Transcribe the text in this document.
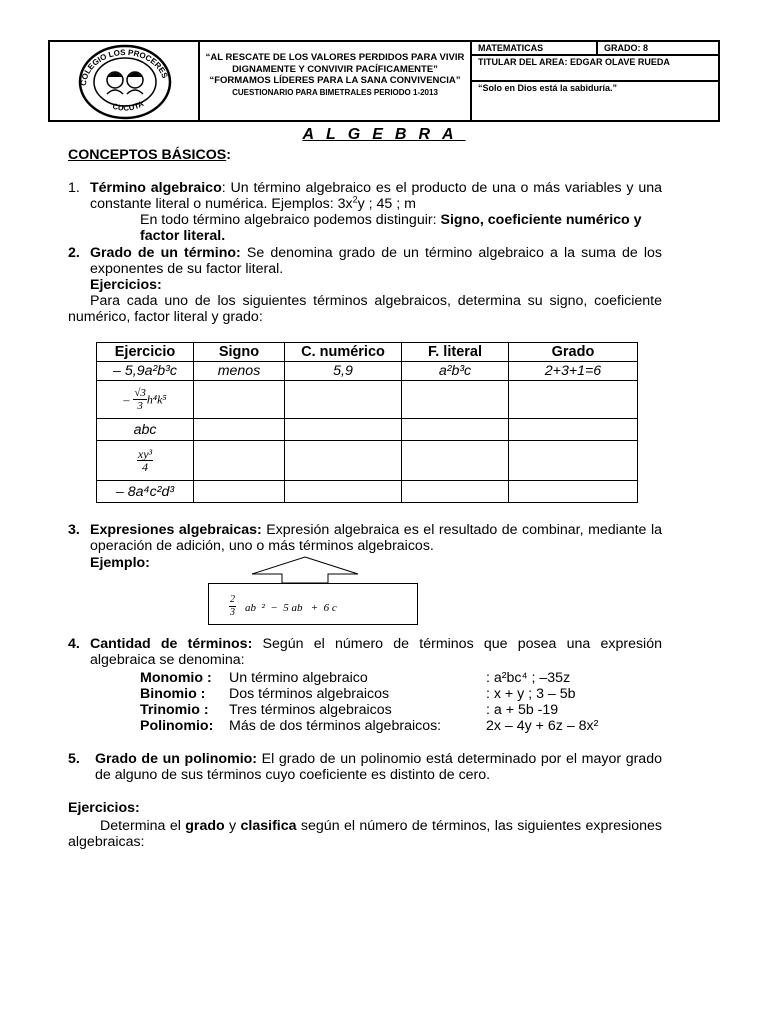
COLEGIO LOS PROCERES
CUCUTA
“AL RESCATE DE LOS VALORES PERDIDOS PARA VIVIR DIGNAMENTE Y CONVIVIR PACÍFICAMENTE”
“FORMAMOS LÍDERES PARA LA SANA CONVIVENCIA”
CUESTIONARIO PARA BIMETRALES PERIODO 1-2013
MATEMATICAS	GRADO: 8
TITULAR DEL AREA: EDGAR OLAVE RUEDA
“Solo en Dios está la sabiduría.”
ALGEBRA
CONCEPTOS BÁSICOS:
1. Término algebraico: Un término algebraico es el producto de una o más variables y una constante literal o numérica. Ejemplos: $3x^2y$ ; 45 ; m
En todo término algebraico podemos distinguir: Signo, coeficiente numérico y factor literal.
2. Grado de un término: Se denomina grado de un término algebraico a la suma de los exponentes de su factor literal.
Ejercicios:
Para cada uno de los siguientes términos algebraicos, determina su signo, coeficiente numérico, factor literal y grado:
Ejercicio	Signo	C. numérico	F. literal	Grado
– 5,9a²b³c	menos	5,9	a²b³c	2+3+1=6
– $\frac{√3}{3} h^4k^5$				
abc				

$\frac{\text{xy³}}{4}$

– 8a⁴c²d³				
3. Expresiones algebraicas: Expresión algebraica es el resultado de combinar, mediante la operación de adición, uno o más términos algebraicos.
Ejemplo:
$\frac{2}{3}$ ab  ²  −  5 ab   +  6 c
4. Cantidad de términos: Según el número de términos que posea una expresión algebraica se denomina:
Monomio : Un término algebraico	: a²bc⁴ ; –35z
Binomio : Dos términos algebraicos	: x + y ; 3 – 5b
Trinomio : Tres términos algebraicos	: a + 5b -19
Polinomio: Más de dos términos algebraicos:	2x – 4y + 6z – 8x²
5. Grado de un polinomio: El grado de un polinomio está determinado por el mayor grado de alguno de sus términos cuyo coeficiente es distinto de cero.
Ejercicios:
Determina el grado y clasifica según el número de términos, las siguientes expresiones algebraicas:
